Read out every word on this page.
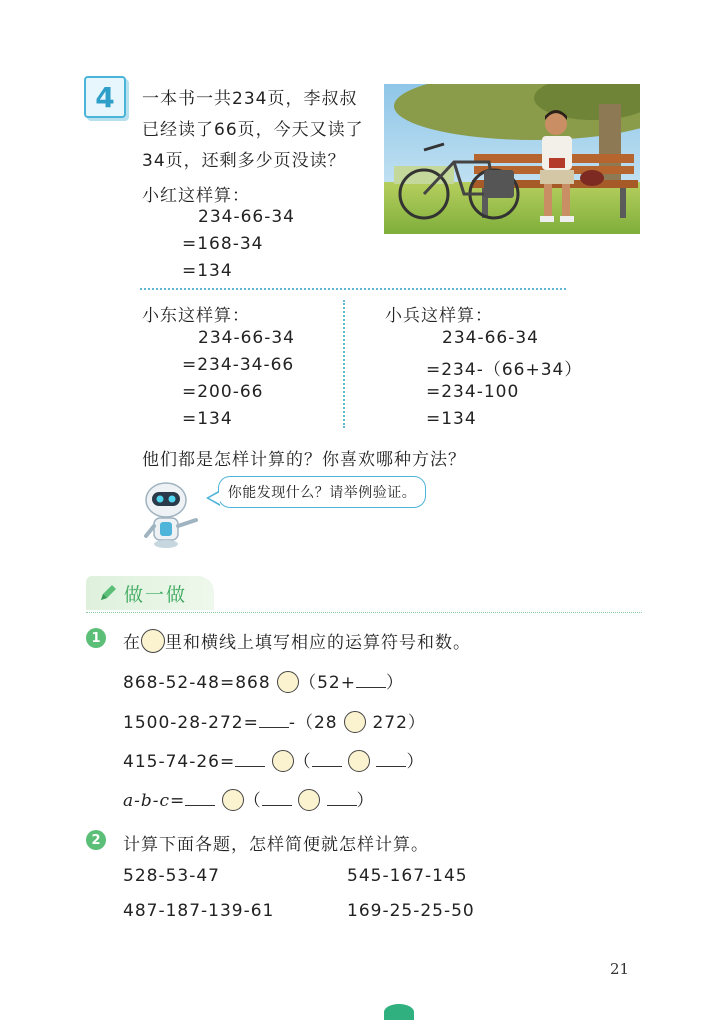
4	一本书一共234页，李叔叔
已经读了66页，今天又读了
34页，还剩多少页没读？
小红这样算：
234-66-34
=168-34
=134
小东这样算：
234-66-34
=234-34-66
=200-66
=134
小兵这样算：
234-66-34
=234-（66+34）
=234-100
=134
他们都是怎样计算的？你喜欢哪种方法？
你能发现什么？请举例验证。
做一做
1	在 里和横线上填写相应的运算符号和数。
868-52-48=868 （52+ ）
1500-28-272= -（28 272）
415-74-26=	（	）
a-b-c=	（	）
2	计算下面各题，怎样简便就怎样计算。
528-53-47	545-167-145
487-187-139-61	169-25-25-50
21
